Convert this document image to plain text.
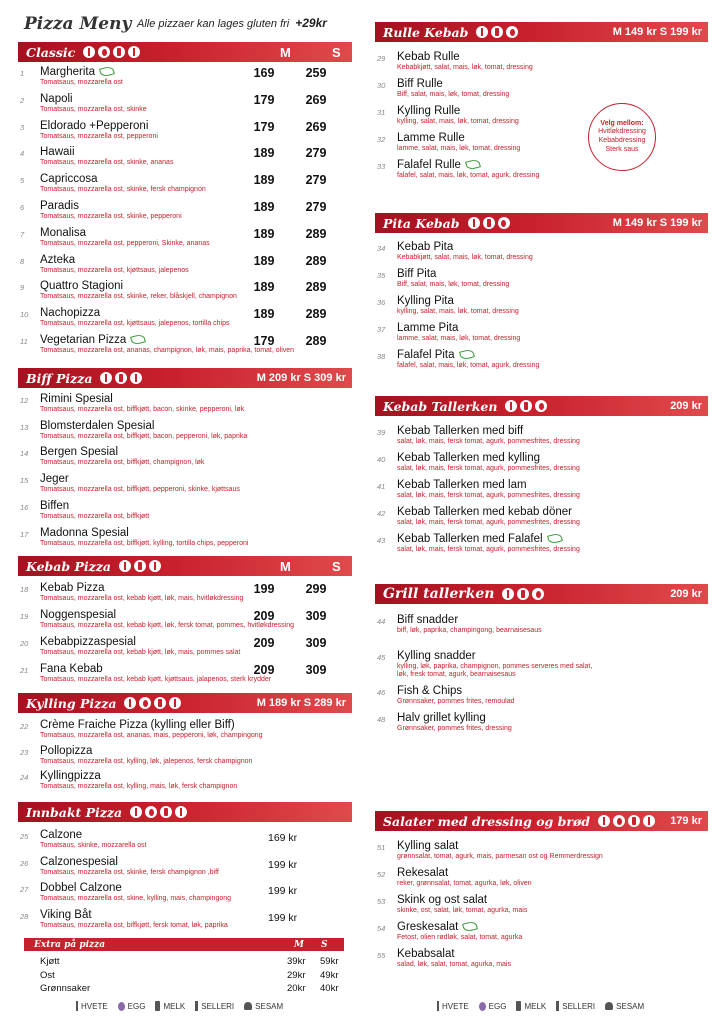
Pizza Meny Alle pizzaer kan lages gluten fri +29kr
Classic	M	S
Biff Pizza	M 209 kr S 309 kr
Kebab Pizza	M	S
Kylling Pizza	M 189 kr S 289 kr
Innbakt Pizza
1 Margherita
Tomatsaus, mozzarella ost
169	259
2 Napoli
Tomatsaus, mozzarella ost, skinke
179	269
3 Eldorado +Pepperoni
Tomatsaus, mozzarella ost, pepperoni
179	269
4 Hawaii
Tomatsaus, mozzarella ost, skinke, ananas
189	279
5 Capriccosa
Tomatsaus, mozzarella ost, skinke, fersk champignon
189	279
6 Paradis
Tomatsaus, mozzarella ost, skinke, pepperoni
189	279
7 Monalisa
Tomatsaus, mozzarella ost, pepperoni, Skinke, ananas
189	289
8 Azteka
Tomatsaus, mozzarella ost, kjøttsaus, jalepenos
189	289
9 Quattro Stagioni
Tomatsaus, mozzarella ost, skinke, reker, blåskjell, champignon
189	289
10 Nachopizza
Tomatsaus, mozzarella ost, kjøttsaus, jalepenos, tortilla chips
189	289
11 Vegetarian Pizza
Tomatsaus, mozzarella ost, ananas, champignon, løk, mais, paprika, tomat, oliven
179	289
12 Rimini Spesial
Tomatsaus, mozzarella ost, biffkjøtt, bacon, skinke, pepperoni, løk
13 Blomsterdalen Spesial
Tomatsaus, mozzarella ost, biffkjøtt, bacon, pepperoni, løk, paprika
14 Bergen Spesial
Tomatsaus, mozzarella ost, biffkjøtt, champignon, løk
15 Jeger
Tomatsaus, mozzarella ost, biffkjøtt, pepperoni, skinke, kjøttsaus
16 Biffen
Tomatsaus, mozzarella ost, biffkjøtt
17 Madonna Spesial
Tomatsaus, mozzarella ost, biffkjøtt, kylling, tortilla chips, pepperoni
18 Kebab Pizza
Tomatsaus, mozzarella ost, kebab kjøtt, løk, mais, hvitløkdressing
199	299
19 Noggenspesial
Tomatsaus, mozzarella ost, kebab kjøtt, løk, fersk tomat, pommes, hvitløkdressing
209	309
20 Kebabpizzaspesial
Tomatsaus, mozzarella ost, kebab kjøtt, løk, mais, pommes salat
209	309
21 Fana Kebab
Tomatsaus, mozzarella ost, kebab kjøtt, kjøttsaus, jalapenos, sterk krydder
209	309
22 Crème Fraiche Pizza (kylling eller Biff)
Tomatsaus, mozzarella ost, ananas, mais, pepperoni, løk, champingong
23 Pollopizza
Tomatsaus, mozzarella ost, kylling, løk, jalepenos, fersk champignon
24 Kyllingpizza
Tomatsaus, mozzarella ost, kylling, mais, løk, fersk champignon
25 Calzone
Tomatsaus, skinke, mozzarella ost
169 kr
26 Calzonespesial
Tomatsaus, mozzarella ost, skinke, fersk champignon ,biff
199 kr
27 Dobbel Calzone
Tomatsaus, mozzarella ost, skine, kylling, mais, champingong
199 kr
28 Viking Båt
Tomatsaus, mozzarella ost, biffkjøtt, fersk tomat, løk, paprika
199 kr
Extra på pizza	M S
Kjøtt	39kr 59kr
Ost	29kr 49kr
Grønnsaker	20kr 40kr
HVETE	EGG MELK SELLERI	SESAM	HVETE	EGG MELK SELLERI	SESAM
Rulle Kebab	M 149 kr S 199 kr
Velg mellom:
Hvitløkdressing
Kebabdressing
Sterk saus
Pita Kebab	M 149 kr S 199 kr
Kebab Tallerken	209 kr
Grill tallerken	209 kr
Salater med dressing og brød	179 kr
29 Kebab Rulle
Kebabkjøtt, salat, mais, løk, tomat, dressing
30 Biff Rulle
Biff, salat, mais, løk, tomat, dressing
31 Kylling Rulle
kylling, salat, mais, løk, tomat, dressing
32 Lamme Rulle
lamme, salat, mais, løk, tomat, dressing
33 Falafel Rulle
falafel, salat, mais, løk, tomat, agurk, dressing
34 Kebab Pita
Kebabkjøtt, salat, mais, løk, tomat, dressing
35 Biff Pita
Biff, salat, mais, løk, tomat, dressing
36 Kylling Pita
kylling, salat, mais, løk, tomat, dressing
37 Lamme Pita
lamme, salat, mais, løk, tomat, dressing
38 Falafel Pita
falafel, salat, mais, løk, tomat, agurk, dressing
39 Kebab Tallerken med biff
salat, løk, mais, fersk tomat, agurk, pommesfrites, dressing
40 Kebab Tallerken med kylling
salat, løk, mais, fersk tomat, agurk, pommesfrites, dressing
41 Kebab Tallerken med lam
salat, løk, mais, fersk tomat, agurk, pommesfrites, dressing
42 Kebab Tallerken med kebab döner
salat, løk, mais, fersk tomat, agurk, pommesfrites, dressing
43 Kebab Tallerken med Falafel
salat, løk, mais, fersk tomat, agurk, pommesfrites, dressing
44 Biff snadder
biff, løk, paprika, champingong, bearnaisesaus
45 Kylling snadder
kylling, løk, paprika, champignon, pommes serveres med salat,
løk, fresk tomat, agurk, bearnaisesaus
46 Fish & Chips
Grønnsaker, pommes frites, remoulad
48 Halv grillet kylling
Grønnsaker, pommes frites, dressing
51 Kylling salat
grønnsalat, tomat, agurk, mais, parmesan ost og Remmerdressign
52 Rekesalat
reker, grønnsalat, tomat, agurka, løk, oliven
53 Skink og ost salat
skinke, ost, salat, løk, tomat, agurka, mais
54 Greskesalat
Fetost, olien rødløk, salat, tomat, agurka
55 Kebabsalat
salad, løk, salat, tomat, agurka, mais
